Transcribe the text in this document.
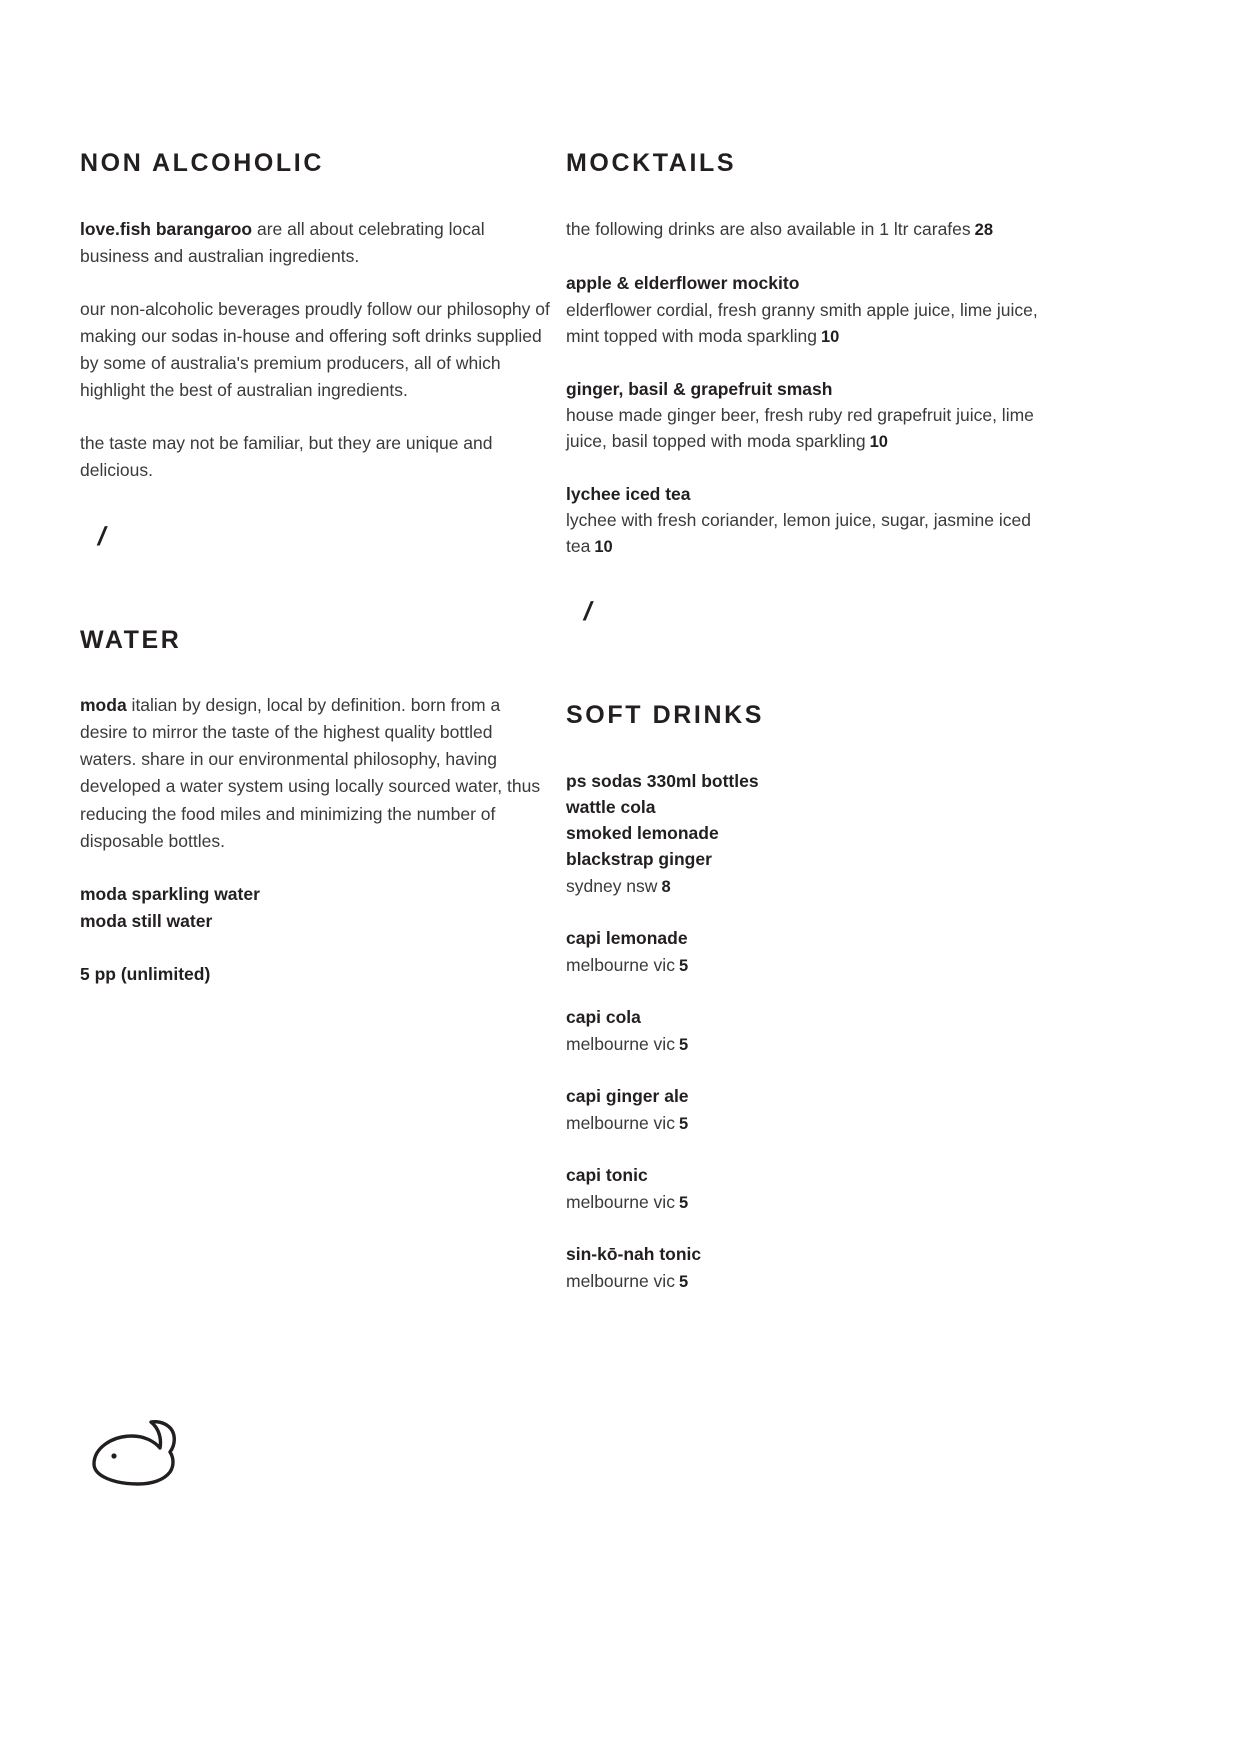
NON ALCOHOLIC

love.fish barangaroo are all about celebrating local business and australian ingredients.

our non-alcoholic beverages proudly follow our philosophy of making our sodas in-house and offering soft drinks supplied by some of australia's premium producers, all of which highlight the best of australian ingredients.

the taste may not be familiar, but they are unique and delicious.

/
WATER

moda italian by design, local by definition. born from a desire to mirror the taste of the highest quality bottled waters. share in our environmental philosophy, having developed a water system using locally sourced water, thus reducing the food miles and minimizing the number of disposable bottles.

moda sparkling water
moda still water
5 pp (unlimited)
MOCKTAILS
the following drinks are also available in 1 ltr carafes 28
apple & elderflower mockito
elderflower cordial, fresh granny smith apple juice, lime juice, mint topped with moda sparkling 10
ginger, basil & grapefruit smash
house made ginger beer, fresh ruby red grapefruit juice, lime juice, basil topped with moda sparkling 10
lychee iced tea
lychee with fresh coriander, lemon juice, sugar, jasmine iced tea 10
/
SOFT DRINKS
ps sodas 330ml bottles
wattle cola
smoked lemonade
blackstrap ginger
sydney nsw 8
capi lemonade
melbourne vic 5
capi cola
melbourne vic 5
capi ginger ale
melbourne vic 5
capi tonic
melbourne vic 5
sin-kō-nah tonic
melbourne vic 5
